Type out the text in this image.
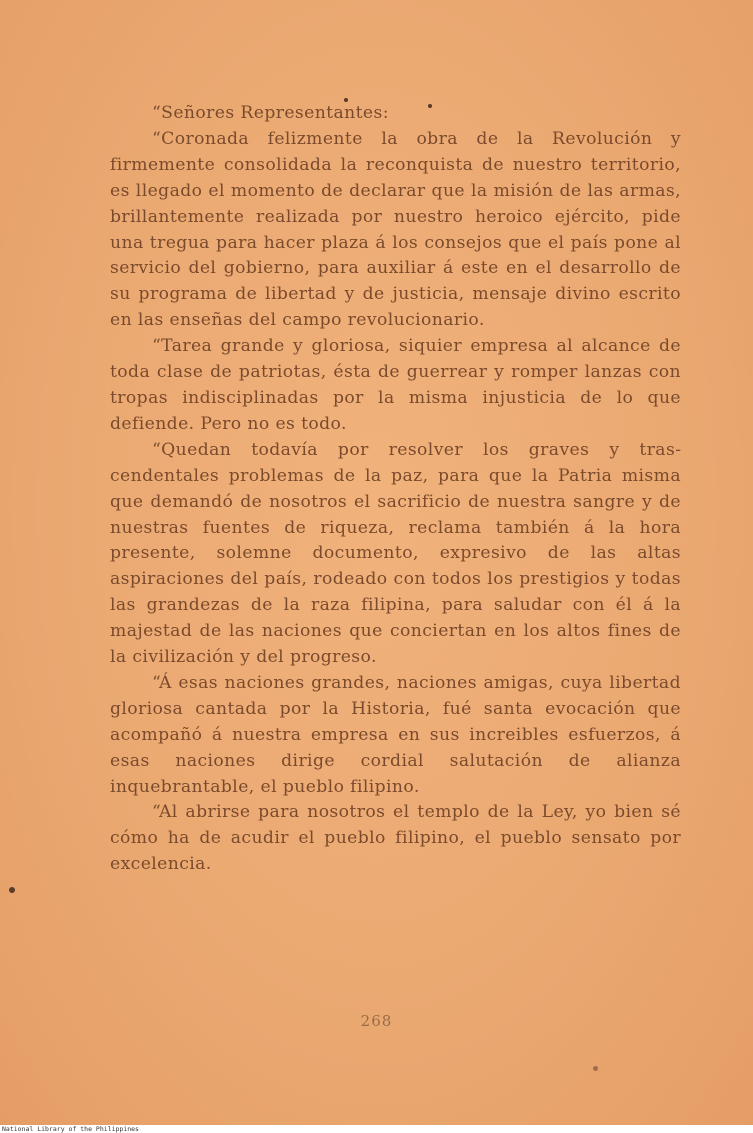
“Señores Representantes:

“Coronada felizmente la obra de la Revolución y firmemente consolidada la reconquista de nuestro territorio, es llegado el momento de declarar que la misión de las armas, brillantemente realizada por nuestro heroico ejército, pide una tregua para hacer plaza á los consejos que el país pone al servicio del gobierno, para auxiliar á este en el desarrollo de su programa de libertad y de justicia, mensaje divino escrito en las enseñas del campo revolucionario.

“Tarea grande y gloriosa, siquier empresa al alcance de toda clase de patriotas, ésta de guerrear y romper lanzas con tropas indisciplinadas por la misma injusticia de lo que defiende. Pero no es todo.

“Quedan todavía por resolver los graves y trascendentales problemas de la paz, para que la Patria misma que demandó de nosotros el sacrificio de nuestra sangre y de nuestras fuentes de riqueza, reclama también á la hora presente, solemne documento, expresivo de las altas aspiraciones del país, rodeado con todos los prestigios y todas las grandezas de la raza filipina, para saludar con él á la majestad de las naciones que conciertan en los altos fines de la civilización y del progreso.

“Á esas naciones grandes, naciones amigas, cuya libertad gloriosa cantada por la Historia, fué santa evocación que acompañó á nuestra empresa en sus increibles esfuerzos, á esas naciones dirige cordial salutación de alianza inquebrantable, el pueblo filipino.

“Al abrirse para nosotros el templo de la Ley, yo bien sé cómo ha de acudir el pueblo filipino, el pueblo sensato por excelencia.

268
National Library of the Philippines
